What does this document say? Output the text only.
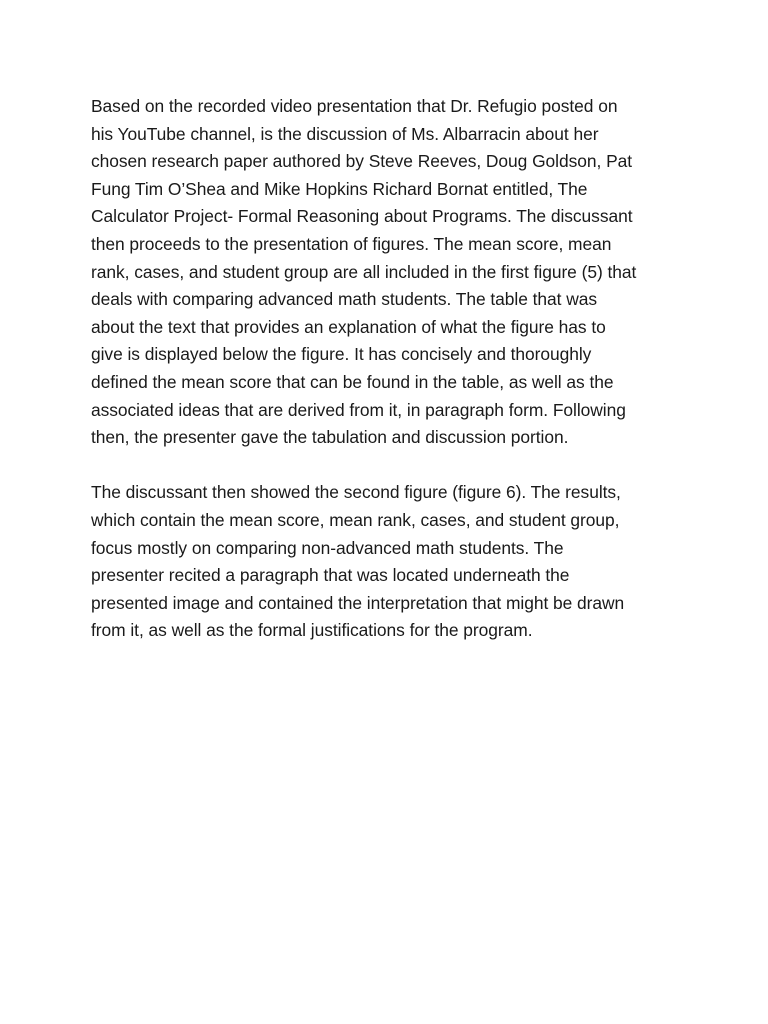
Based on the recorded video presentation that Dr. Refugio posted on
his YouTube channel, is the discussion of Ms. Albarracin about her
chosen research paper authored by Steve Reeves, Doug Goldson, Pat
Fung Tim O’Shea and Mike Hopkins Richard Bornat entitled, The
Calculator Project- Formal Reasoning about Programs. The discussant
then proceeds to the presentation of figures. The mean score, mean
rank, cases, and student group are all included in the first figure (5) that
deals with comparing advanced math students. The table that was
about the text that provides an explanation of what the figure has to
give is displayed below the figure. It has concisely and thoroughly
defined the mean score that can be found in the table, as well as the
associated ideas that are derived from it, in paragraph form. Following
then, the presenter gave the tabulation and discussion portion.

The discussant then showed the second figure (figure 6). The results,
which contain the mean score, mean rank, cases, and student group,
focus mostly on comparing non-advanced math students. The
presenter recited a paragraph that was located underneath the
presented image and contained the interpretation that might be drawn
from it, as well as the formal justifications for the program.
